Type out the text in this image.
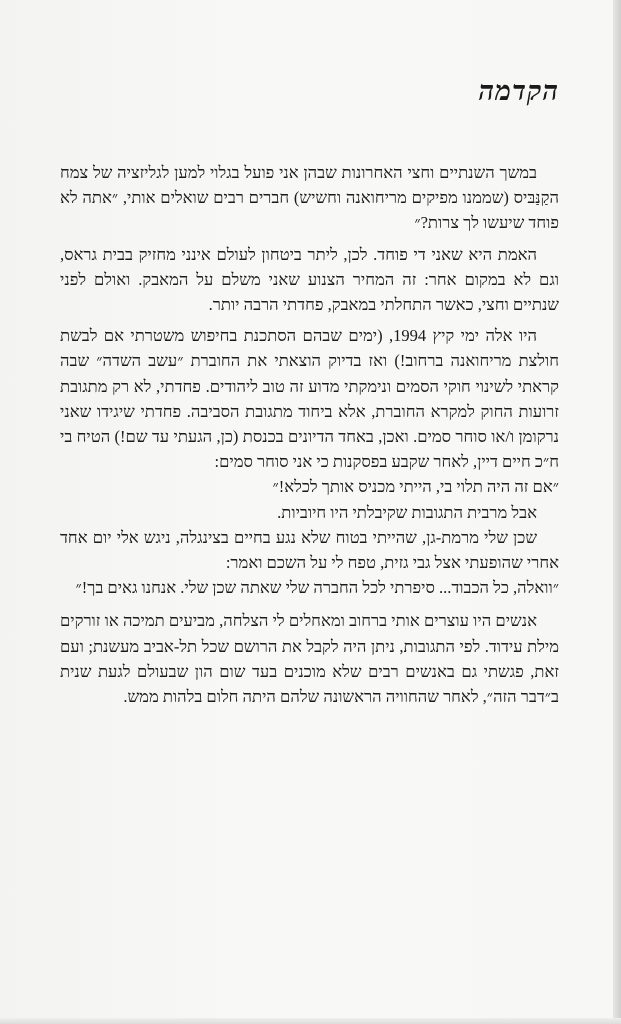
הקדמה

במשך השנתיים וחצי האחרונות שבהן אני פועל בגלוי למען לגליזציה של צמח הקַנַּבּיס (שממנו מפיקים מריחואנה וחשיש) חברים רבים שואלים אותי, ״אתה לא פוחד שיעשו לך צרות?״

האמת היא שאני די פוחד. לכן, ליתר ביטחון לעולם אינני מחזיק בבית גראס, וגם לא במקום אחר: זה המחיר הצנוע שאני משלם על המאבק. ואולם לפני שנתיים וחצי, כאשר התחלתי במאבק, פחדתי הרבה יותר.

היו אלה ימי קיץ 1994, (ימים שבהם הסתכנת בחיפוש משטרתי אם לבשת חולצת מריחואנה ברחוב!) ואז בדיוק הוצאתי את החוברת ״עשב השדה״ שבה קראתי לשינוי חוקי הסמים ונימקתי מדוע זה טוב ליהודים. פחדתי, לא רק מתגובת זרועות החוק למקרא החוברת, אלא ביחוד מתגובת הסביבה. פחדתי שיגידו שאני נרקומן ו/או סוחר סמים. ואכן, באחד הדיונים בכנסת (כן, הגעתי עד שם!) הטיח בי ח״כ חיים דיין, לאחר שקבע בפסקנות כי אני סוחר סמים:

״אם זה היה תלוי בי, הייתי מכניס אותך לכלא!״

אבל מרבית התגובות שקיבלתי היו חיוביות.

שכן שלי מרמת-גן, שהייתי בטוח שלא נגע בחיים בצינגלה, ניגש אלי יום אחד אחרי שהופעתי אצל גבי גזית, טפח לי על השכם ואמר:

״וואלה, כל הכבוד... סיפרתי לכל החברה שלי שאתה שכן שלי. אנחנו גאים בך!״

אנשים היו עוצרים אותי ברחוב ומאחלים לי הצלחה, מביעים תמיכה או זורקים מילת עידוד. לפי התגובות, ניתן היה לקבל את הרושם שכל תל-אביב מעשנת; ועם זאת, פגשתי גם באנשים רבים שלא מוכנים בעד שום הון שבעולם לגעת שנית ב״דבר הזה״, לאחר שהחוויה הראשונה שלהם היתה חלום בלהות ממש.
